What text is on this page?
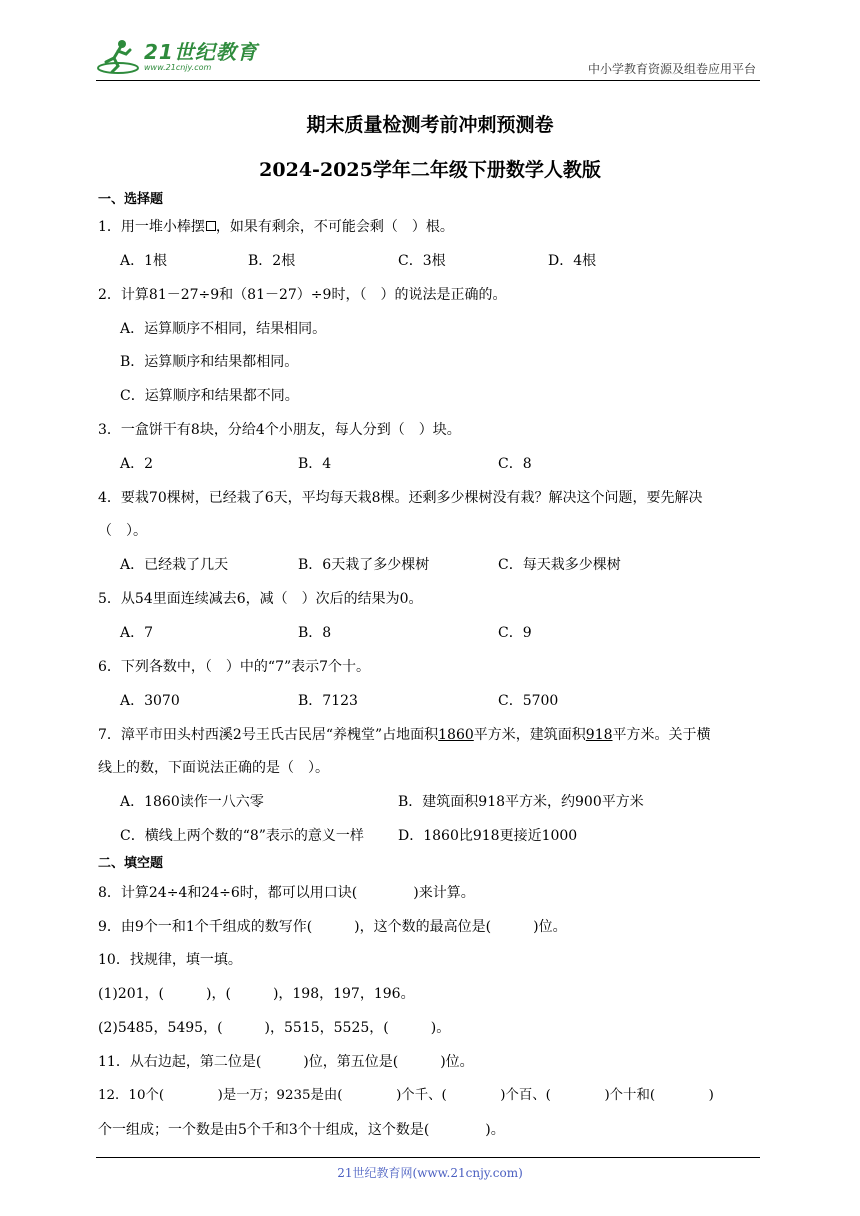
21世纪教育
www.21cnjy.com	中小学教育资源及组卷应用平台
期末质量检测考前冲刺预测卷
2024-2025学年二年级下册数学人教版
一、选择题
1．用一堆小棒摆 ，如果有剩余，不可能会剩（　）根。
A．1根	B．2根	C．3根	D．4根
2．计算81－27÷9和（81－27）÷9时，（　）的说法是正确的。
A．运算顺序不相同，结果相同。
B．运算顺序和结果都相同。
C．运算顺序和结果都不同。
3．一盒饼干有8块，分给4个小朋友，每人分到（　）块。
A．2	B．4	C．8
4．要栽70棵树，已经栽了6天，平均每天栽8棵。还剩多少棵树没有栽？解决这个问题，要先解决
（　）。
A．已经栽了几天	B．6天栽了多少棵树	C．每天栽多少棵树
5．从54里面连续减去6，减（　）次后的结果为0。
A．7	B．8	C．9
6．下列各数中，（　）中的“7”表示7个十。
A．3070	B．7123	C．5700
7．漳平市田头村西溪2号王氏古民居“养槐堂”占地面积1860平方米，建筑面积918平方米。关于横
线上的数，下面说法正确的是（　）。
A．1860读作一八六零	B．建筑面积918平方米，约900平方米
C．横线上两个数的“8”表示的意义一样 D．1860比918更接近1000
二、填空题
8．计算24÷4和24÷6时，都可以用口诀(　　　　)来计算。
9．由9个一和1个千组成的数写作(　　　)，这个数的最高位是(　　　)位。
10．找规律，填一填。
(1)201，(　　　)，(　　　)，198，197，196。
(2)5485，5495，(　　　)，5515，5525，(　　　)。
11．从右边起，第二位是(　　　)位，第五位是(　　　)位。
12．10个(　　　　)是一万；9235是由(　　　　)个千、(　　　　)个百、(　　　　)个十和(　　　　)
个一组成；一个数是由5个千和3个十组成，这个数是(　　　　)。
21世纪教育网(www.21cnjy.com)
